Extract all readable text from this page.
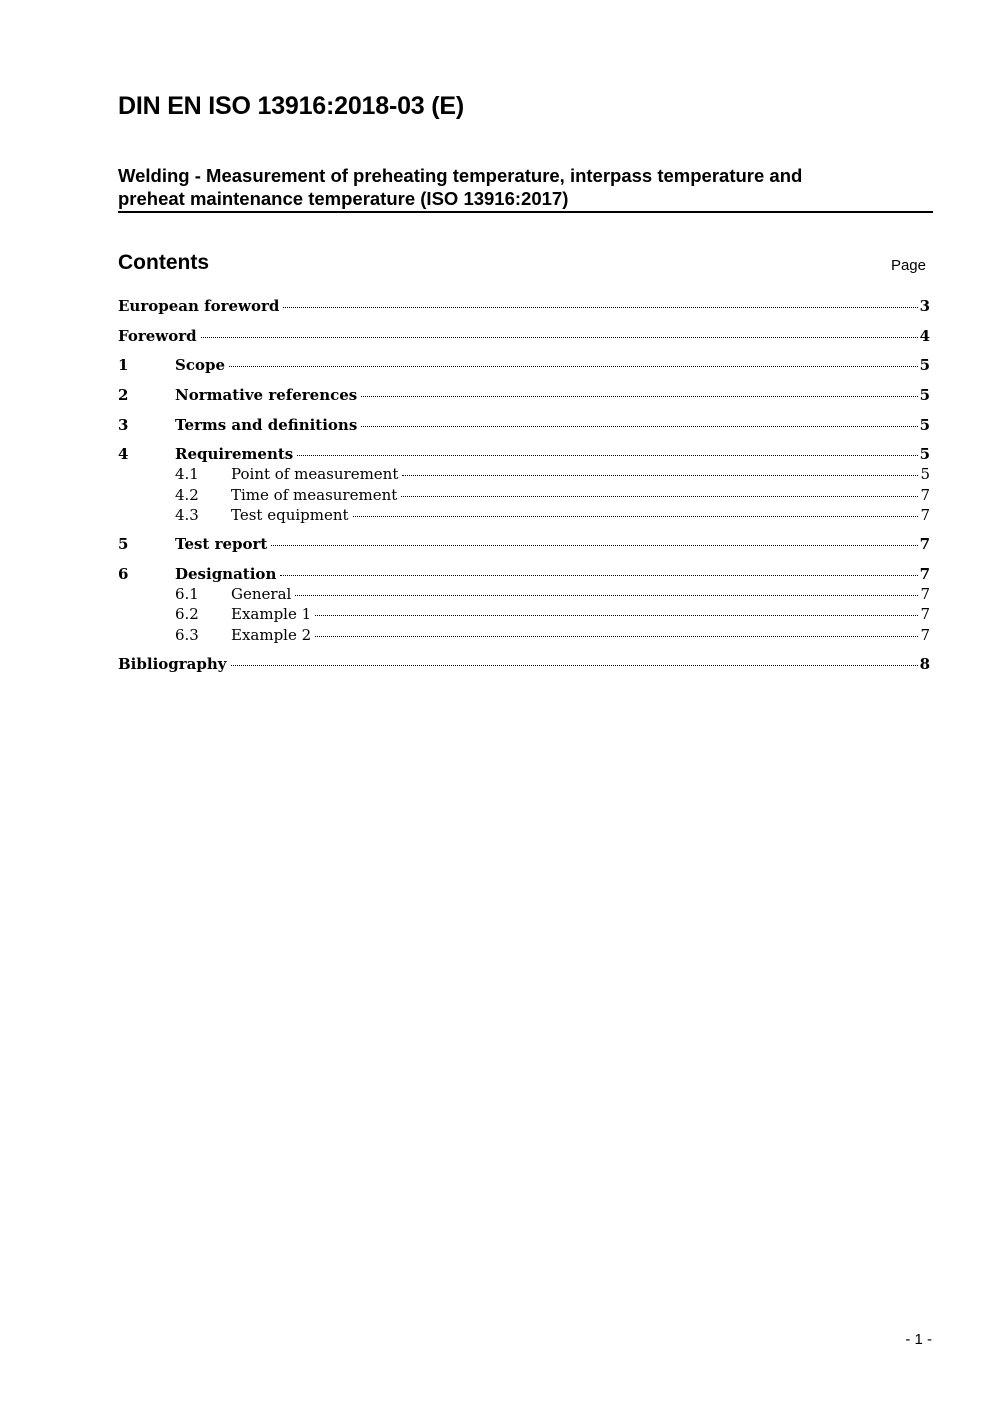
DIN EN ISO 13916:2018-03 (E)
Welding - Measurement of preheating temperature, interpass temperature and
preheat maintenance temperature (ISO 13916:2017)
Contents	Page
European foreword	3
Foreword	4
1	Scope	5
2	Normative references	5
3	Terms and definitions	5
4	Requirements	5
4.1	Point of measurement	5
4.2	Time of measurement	7
4.3	Test equipment	7
5	Test report	7
6	Designation	7
6.1	General	7
6.2	Example 1	7
6.3	Example 2	7
Bibliography	8
- 1 -
